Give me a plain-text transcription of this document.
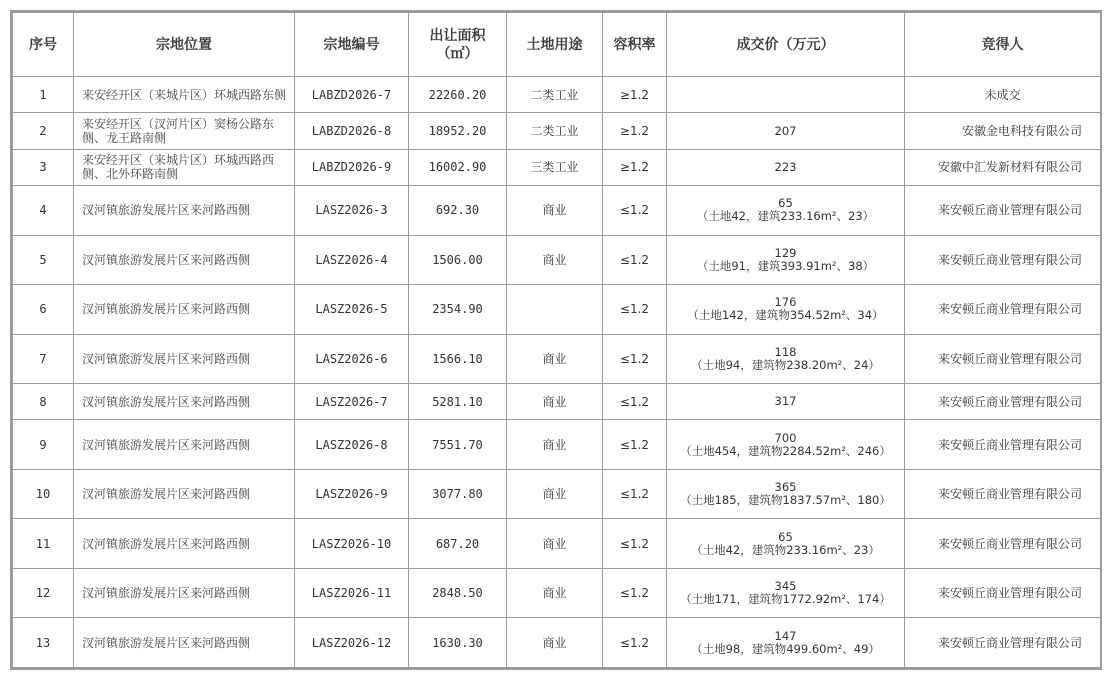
序号	宗地位置	宗地编号	出让面积
（㎡）	土地用途	容积率	成交价（万元）	竞得人
1	来安经开区（来城片区）环城西路东侧	LABZD2026-7	22260.20	二类工业	≥1.2		未成交
2	来安经开区（汊河片区）窦杨公路东侧、龙王路南侧	LABZD2026-8	18952.20	二类工业	≥1.2	207	安徽金电科技有限公司
3	来安经开区（来城片区）环城西路西侧、北外环路南侧	LABZD2026-9	16002.90	三类工业	≥1.2	223	安徽中汇发新材料有限公司
4	汊河镇旅游发展片区来河路西侧	LASZ2026-3	692.30	商业	≤1.2	65
（土地42，建筑233.16m²、23）	来安顿丘商业管理有限公司
5	汊河镇旅游发展片区来河路西侧	LASZ2026-4	1506.00	商业	≤1.2	129
（土地91，建筑393.91m²、38）	来安顿丘商业管理有限公司
6	汊河镇旅游发展片区来河路西侧	LASZ2026-5	2354.90		≤1.2	176
（土地142，建筑物354.52m²、34）	来安顿丘商业管理有限公司
7	汊河镇旅游发展片区来河路西侧	LASZ2026-6	1566.10	商业	≤1.2	118
（土地94，建筑物238.20m²、24）	来安顿丘商业管理有限公司
8	汊河镇旅游发展片区来河路西侧	LASZ2026-7	5281.10	商业	≤1.2	317	来安顿丘商业管理有限公司
9	汊河镇旅游发展片区来河路西侧	LASZ2026-8	7551.70	商业	≤1.2	700
（土地454，建筑物2284.52m²、246）	来安顿丘商业管理有限公司
10	汊河镇旅游发展片区来河路西侧	LASZ2026-9	3077.80	商业	≤1.2	365
（土地185，建筑物1837.57m²、180）	来安顿丘商业管理有限公司
11	汊河镇旅游发展片区来河路西侧	LASZ2026-10	687.20	商业	≤1.2	65
（土地42，建筑物233.16m²、23）	来安顿丘商业管理有限公司
12	汊河镇旅游发展片区来河路西侧	LASZ2026-11	2848.50	商业	≤1.2	345
（土地171，建筑物1772.92m²、174）	来安顿丘商业管理有限公司
13	汊河镇旅游发展片区来河路西侧	LASZ2026-12	1630.30	商业	≤1.2	147
（土地98，建筑物499.60m²、49）	来安顿丘商业管理有限公司
